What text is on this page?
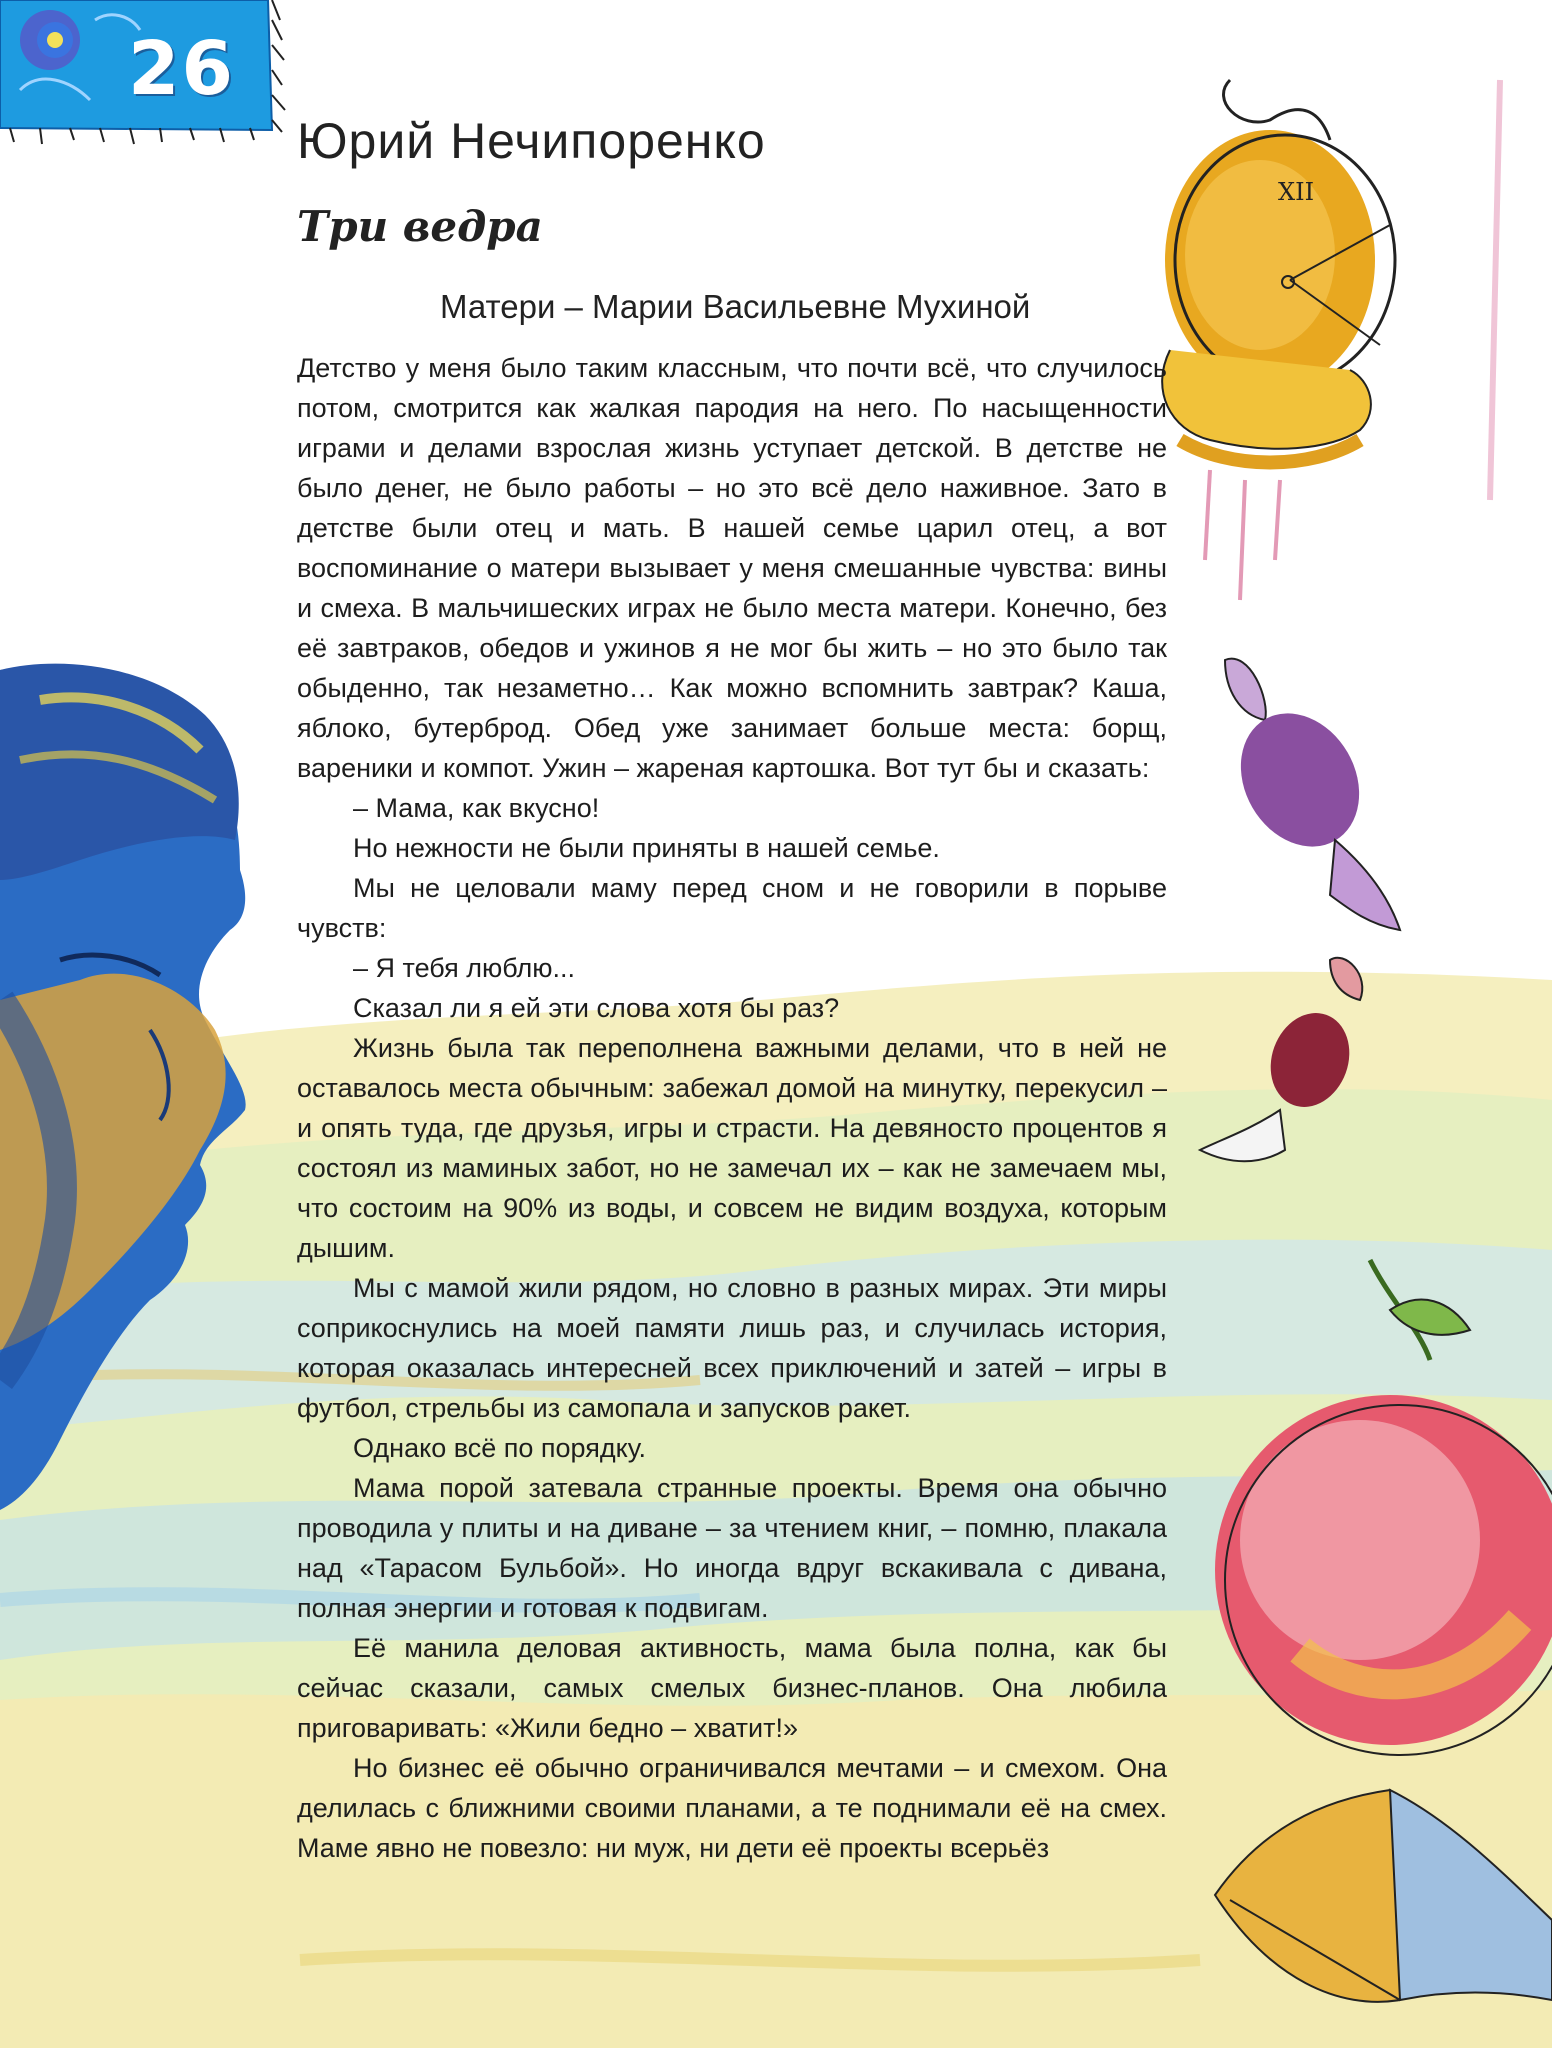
XII
26
Юрий Нечипоренко
Три ведра
Матери – Марии Васильевне Мухиной

Детство у меня было таким классным, что почти всё, что случилось потом, смотрится как жалкая пародия на него. По насыщенности играми и делами взрослая жизнь уступает детской. В детстве не было денег, не было работы – но это всё дело наживное. Зато в детстве были отец и мать. В нашей семье царил отец, а вот воспоминание о матери вызывает у меня смешанные чувства: вины и смеха. В мальчишеских играх не было места матери. Конечно, без её завтраков, обедов и ужинов я не мог бы жить – но это было так обыденно, так незаметно… Как можно вспомнить завтрак? Каша, яблоко, бутерброд. Обед уже занимает больше места: борщ, вареники и компот. Ужин – жареная картошка. Вот тут бы и сказать:

– Мама, как вкусно!

Но нежности не были приняты в нашей семье.

Мы не целовали маму перед сном и не говорили в порыве чувств:

– Я тебя люблю...

Сказал ли я ей эти слова хотя бы раз?

Жизнь была так переполнена важными делами, что в ней не оставалось места обычным: забежал домой на минутку, перекусил – и опять туда, где друзья, игры и страсти. На девяносто процентов я состоял из маминых забот, но не замечал их – как не замечаем мы, что состоим на 90% из воды, и совсем не видим воздуха, которым дышим.

Мы с мамой жили рядом, но словно в разных мирах. Эти миры соприкоснулись на моей памяти лишь раз, и случилась история, которая оказалась интересней всех приключений и затей – игры в футбол, стрельбы из самопала и запусков ракет.

Однако всё по порядку.

Мама порой затевала странные проекты. Время она обычно проводила у плиты и на диване – за чтением книг, – помню, плакала над «Тарасом Бульбой». Но иногда вдруг вскакивала с дивана, полная энергии и готовая к подвигам.

Её манила деловая активность, мама была полна, как бы сейчас сказали, самых смелых бизнес-планов. Она любила приговаривать: «Жили бедно – хватит!»

Но бизнес её обычно ограничивался мечтами – и смехом. Она делилась с ближними своими планами, а те поднимали её на смех. Маме явно не повезло: ни муж, ни дети её проекты всерьёз
